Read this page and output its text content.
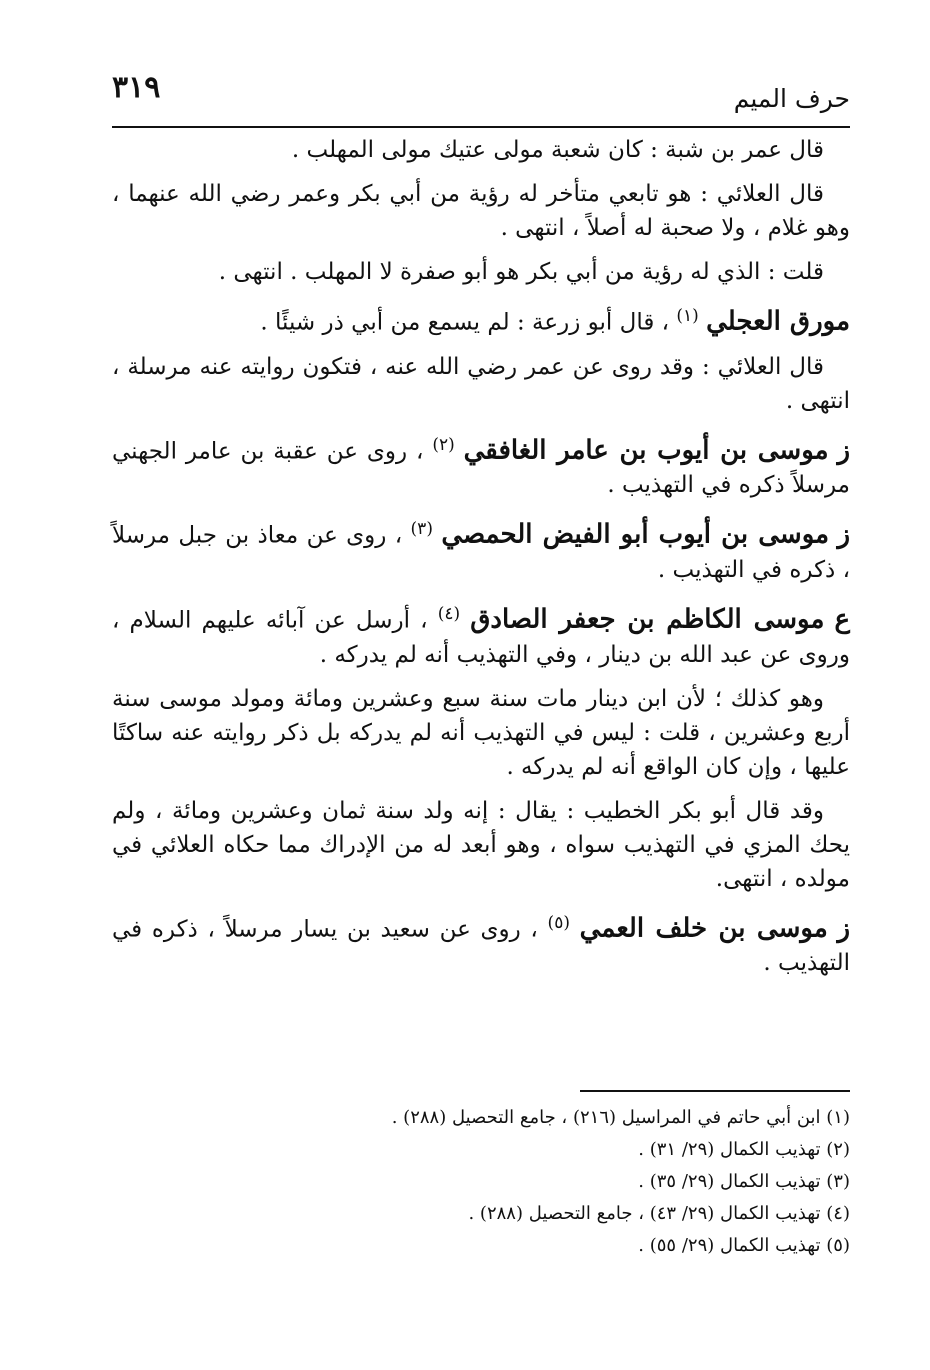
٣١٩	حرف الميم

قال عمر بن شبة : كان شعبة مولى عتيك مولى المهلب .

قال العلائي : هو تابعي متأخر له رؤية من أبي بكر وعمر رضي الله عنهما ، وهو غلام ، ولا صحبة له أصلاً ، انتهى .

قلت : الذي له رؤية من أبي بكر هو أبو صفرة لا المهلب . انتهى .

مورق العجلي $^{(١)}$ ، قال أبو زرعة : لم يسمع من أبي ذر شيئًا .

قال العلائي : وقد روى عن عمر رضي الله عنه ، فتكون روايته عنه مرسلة ، انتهى .

ز موسى بن أيوب بن عامر الغافقي $^{(٢)}$ ، روى عن عقبة بن عامر الجهني مرسلاً ذكره في التهذيب .

ز موسى بن أيوب أبو الفيض الحمصي $^{(٣)}$ ، روى عن معاذ بن جبل مرسلاً ، ذكره في التهذيب .

ع موسى الكاظم بن جعفر الصادق $^{(٤)}$ ، أرسل عن آبائه عليهم السلام ، وروى عن عبد الله بن دينار ، وفي التهذيب أنه لم يدركه .

وهو كذلك ؛ لأن ابن دينار مات سنة سبع وعشرين ومائة ومولد موسى سنة أربع وعشرين ، قلت : ليس في التهذيب أنه لم يدركه بل ذكر روايته عنه ساكتًا عليها ، وإن كان الواقع أنه لم يدركه .

وقد قال أبو بكر الخطيب : يقال : إنه ولد سنة ثمان وعشرين ومائة ، ولم يحك المزي في التهذيب سواه ، وهو أبعد له من الإدراك مما حكاه العلائي في مولده ، انتهى.

ز موسى بن خلف العمي $^{(٥)}$ ، روى عن سعيد بن يسار مرسلاً ، ذكره في التهذيب .

(١) ابن أبي حاتم في المراسيل (٢١٦) ، جامع التحصيل (٢٨٨) .

(٢) تهذيب الكمال (٢٩/ ٣١) .

(٣) تهذيب الكمال (٢٩/ ٣٥) .

(٤) تهذيب الكمال (٢٩/ ٤٣) ، جامع التحصيل (٢٨٨) .

(٥) تهذيب الكمال (٢٩/ ٥٥) .
